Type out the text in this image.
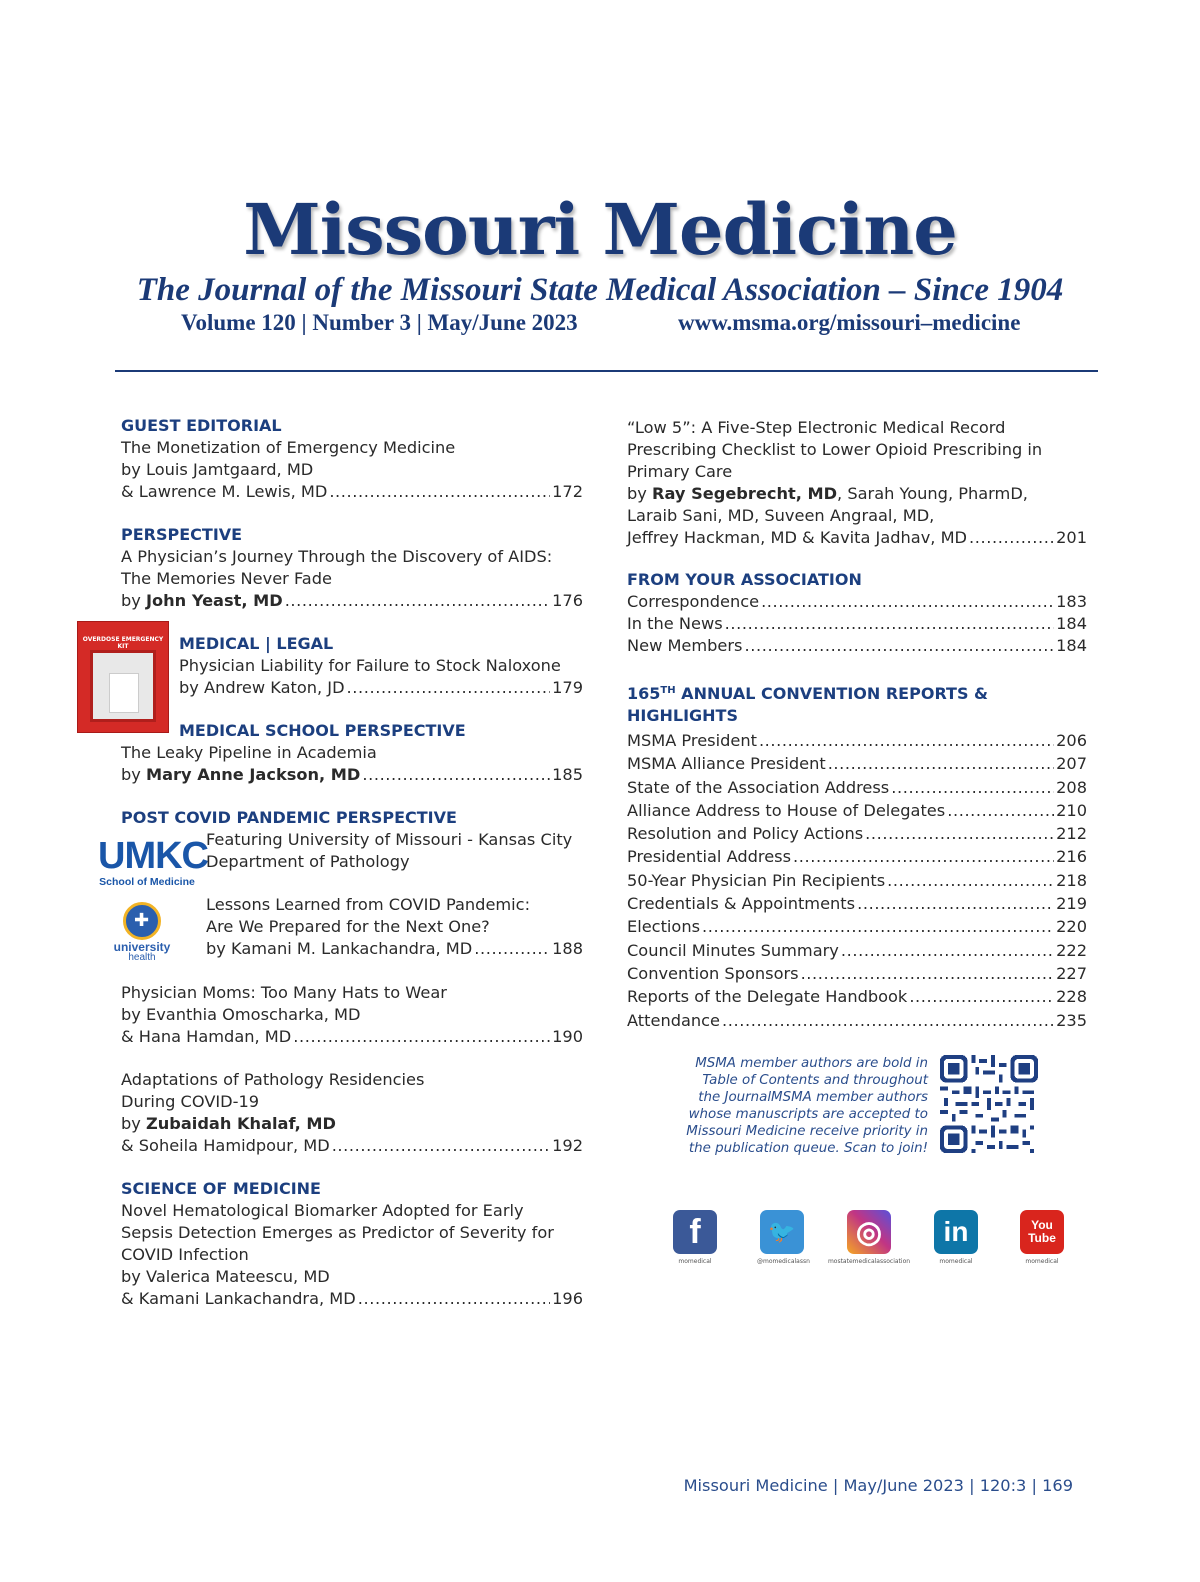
Missouri Medicine
The Journal of the Missouri State Medical Association – Since 1904
Volume 120 | Number 3 | May/June 2023	www.msma.org/missouri–medicine
GUEST EDITORIAL
The Monetization of Emergency Medicine
by Louis Jamtgaard, MD
& Lawrence M. Lewis, MD .....	172
PERSPECTIVE
A Physician’s Journey Through the Discovery of AIDS:
The Memories Never Fade
by John Yeast, MD .....	176
OVERDOSE EMERGENCY KIT	MEDICAL | LEGAL
Physician Liability for Failure to Stock Naloxone
by Andrew Katon, JD .....	179
MEDICAL SCHOOL PERSPECTIVE
The Leaky Pipeline in Academia
by Mary Anne Jackson, MD .....	185
POST COVID PANDEMIC PERSPECTIVE
UMKC
School of Medicine
✚
university
health
Featuring University of Missouri - Kansas City
Department of Pathology
Lessons Learned from COVID Pandemic:
Are We Prepared for the Next One?
by Kamani M. Lankachandra, MD .....	188
Physician Moms: Too Many Hats to Wear
by Evanthia Omoscharka, MD
& Hana Hamdan, MD .....	190
Adaptations of Pathology Residencies
During COVID-19
by Zubaidah Khalaf, MD
& Soheila Hamidpour, MD .....	192
SCIENCE OF MEDICINE
Novel Hematological Biomarker Adopted for Early
Sepsis Detection Emerges as Predictor of Severity for
COVID Infection
by Valerica Mateescu, MD
& Kamani Lankachandra, MD .....	196
“Low 5”: A Five-Step Electronic Medical Record
Prescribing Checklist to Lower Opioid Prescribing in
Primary Care
by Ray Segebrecht, MD, Sarah Young, PharmD,
Laraib Sani, MD, Suveen Angraal, MD,
Jeffrey Hackman, MD & Kavita Jadhav, MD .....	201
FROM YOUR ASSOCIATION
Correspondence .....	183
In the News .....	184
New Members .....	184
165TH ANNUAL CONVENTION REPORTS & HIGHLIGHTS
MSMA President .....	206
MSMA Alliance President .....	207
State of the Association Address .....	208
Alliance Address to House of Delegates .....	210
Resolution and Policy Actions .....	212
Presidential Address .....	216
50-Year Physician Pin Recipients .....	218
Credentials & Appointments .....	219
Elections .....	220
Council Minutes Summary .....	222
Convention Sponsors .....	227
Reports of the Delegate Handbook .....	228
Attendance .....	235
MSMA member authors are bold in
Table of Contents and throughout
the JournalMSMA member authors
whose manuscripts are accepted to
Missouri Medicine receive priority in
the publication queue. Scan to join!
f
momedical
🐦
@momedicalassn
◎
mostatemedicalassociation
in
momedical
You Tube
momedical
Missouri Medicine | May/June 2023 | 120:3 | 169
